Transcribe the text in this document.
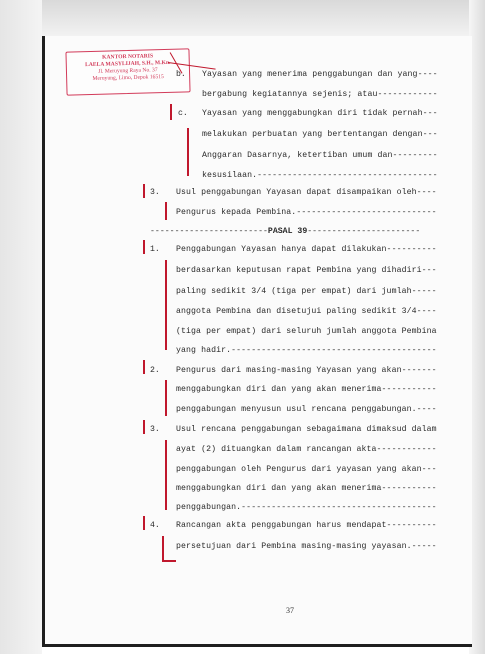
KANTOR NOTARIS
LAELA MASYLIJAH, S.H., M.Kn.
Jl. Meruyung Raya No. 37
Meruyung, Limo, Depok 16515	b. Yayasan yang menerima penggabungan dan yang----
bergabung kegiatannya sejenis; atau------------
c. Yayasan yang menggabungkan diri tidak pernah---
melakukan perbuatan yang bertentangan dengan---
Anggaran Dasarnya, ketertiban umum dan---------
kesusilaan.------------------------------------
3. Usul penggabungan Yayasan dapat disampaikan oleh----
Pengurus kepada Pembina.----------------------------
------------------------PASAL 39-----------------------
1. Penggabungan Yayasan hanya dapat dilakukan----------
berdasarkan keputusan rapat Pembina yang dihadiri---
paling sedikit 3/4 (tiga per empat) dari jumlah-----
anggota Pembina dan disetujui paling sedikit 3/4----
(tiga per empat) dari seluruh jumlah anggota Pembina
yang hadir.-----------------------------------------
2. Pengurus dari masing-masing Yayasan yang akan-------
menggabungkan diri dan yang akan menerima-----------
penggabungan menyusun usul rencana penggabungan.----
3. Usul rencana penggabungan sebagaimana dimaksud dalam
ayat (2) dituangkan dalam rancangan akta------------
penggabungan oleh Pengurus dari yayasan yang akan---
menggabungkan diri dan yang akan menerima-----------
penggabungan.---------------------------------------
4. Rancangan akta penggabungan harus mendapat----------
persetujuan dari Pembina masing-masing yayasan.-----
37
